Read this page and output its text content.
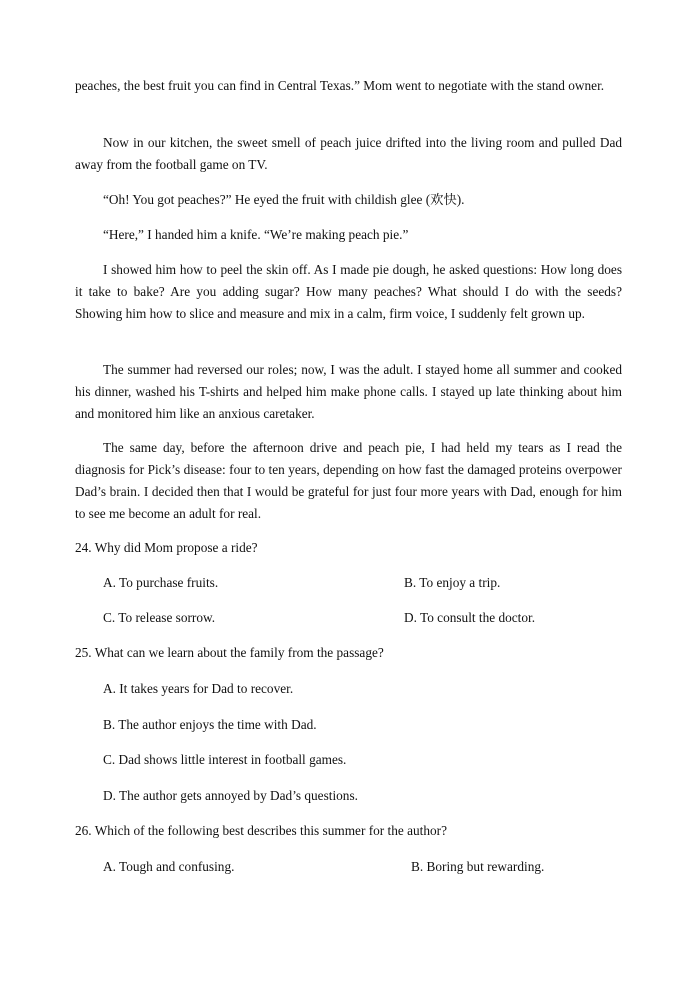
peaches, the best fruit you can find in Central Texas.” Mom went to negotiate with the stand owner.

Now in our kitchen, the sweet smell of peach juice drifted into the living room and pulled Dad away from the football game on TV.

“Oh! You got peaches?” He eyed the fruit with childish glee (欢快).

“Here,” I handed him a knife. “We’re making peach pie.”

I showed him how to peel the skin off. As I made pie dough, he asked questions: How long does it take to bake? Are you adding sugar? How many peaches? What should I do with the seeds? Showing him how to slice and measure and mix in a calm, firm voice, I suddenly felt grown up.

The summer had reversed our roles; now, I was the adult. I stayed home all summer and cooked his dinner, washed his T-shirts and helped him make phone calls. I stayed up late thinking about him and monitored him like an anxious caretaker.

The same day, before the afternoon drive and peach pie, I had held my tears as I read the diagnosis for Pick’s disease: four to ten years, depending on how fast the damaged proteins overpower Dad’s brain. I decided then that I would be grateful for just four more years with Dad, enough for him to see me become an adult for real.

24. Why did Mom propose a ride?

A. To purchase fruits.	B. To enjoy a trip.
C. To release sorrow.	D. To consult the doctor.

25. What can we learn about the family from the passage?

A. It takes years for Dad to recover.
B. The author enjoys the time with Dad.
C. Dad shows little interest in football games.
D. The author gets annoyed by Dad’s questions.

26. Which of the following best describes this summer for the author?

A. Tough and confusing.	B. Boring but rewarding.
